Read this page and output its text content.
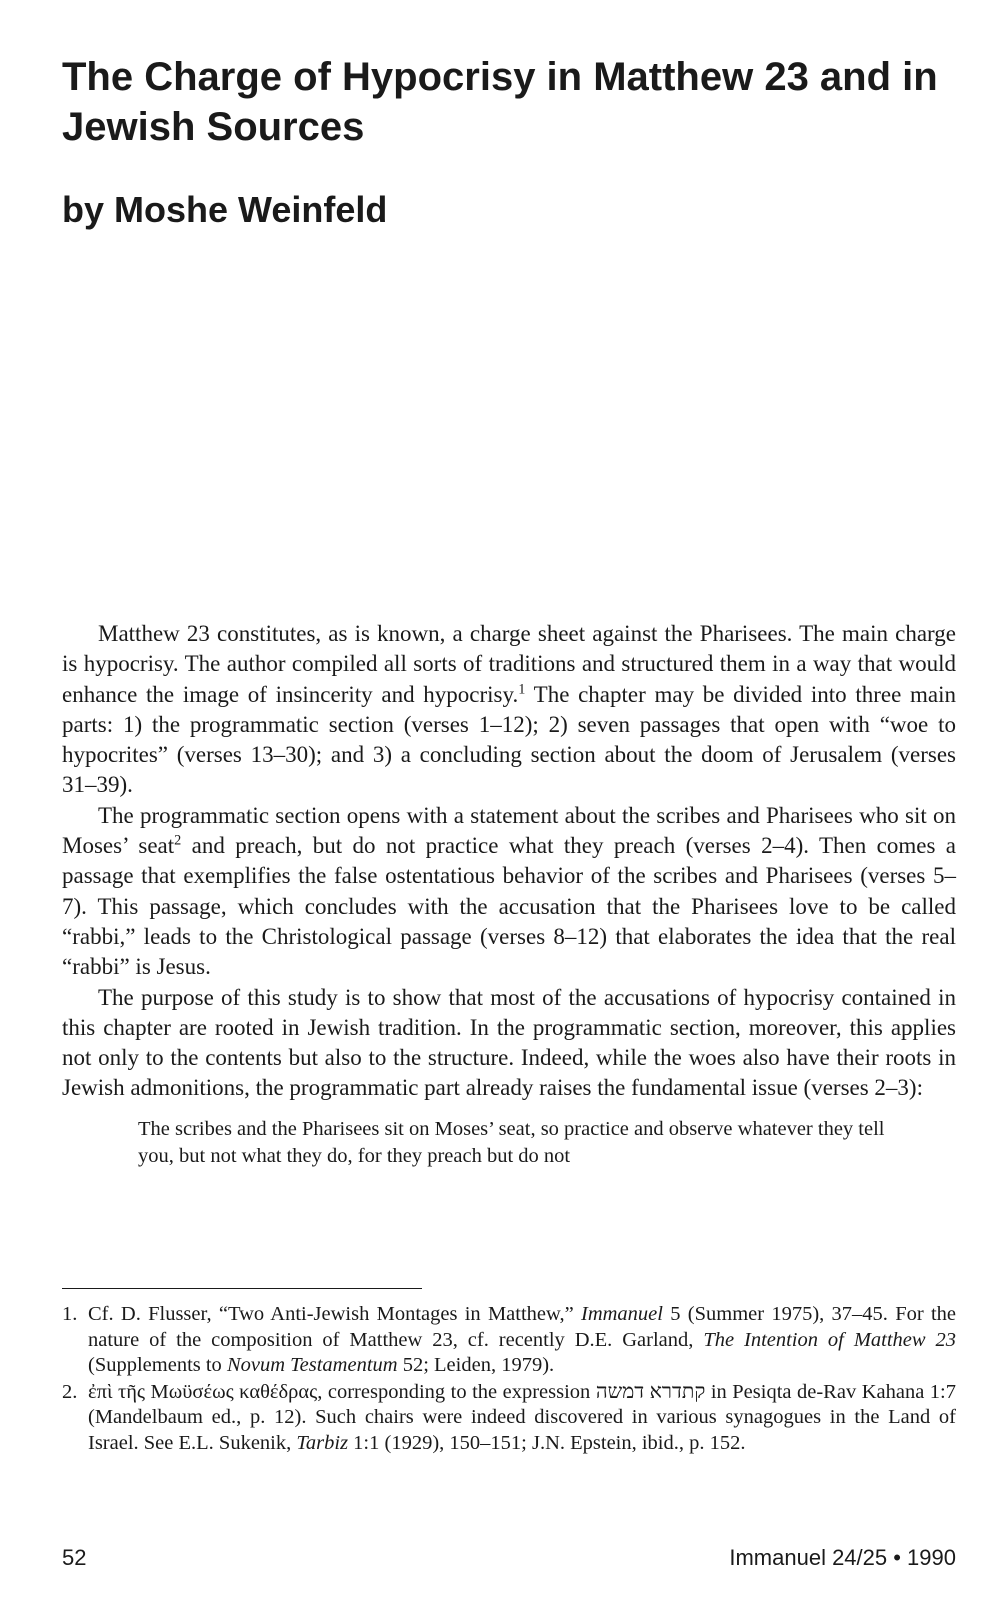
The Charge of Hypocrisy in Matthew 23 and in Jewish Sources
by Moshe Weinfeld

Matthew 23 constitutes, as is known, a charge sheet against the Pharisees. The main charge is hypocrisy. The author compiled all sorts of traditions and structured them in a way that would enhance the image of insincerity and hypocrisy.$^1$ The chapter may be divided into three main parts: 1) the programmatic section (verses 1–12); 2) seven passages that open with “woe to hypocrites” (verses 13–30); and 3) a concluding section about the doom of Jerusalem (verses 31–39).

The programmatic section opens with a statement about the scribes and Pharisees who sit on Moses’ seat$^2$ and preach, but do not practice what they preach (verses 2–4). Then comes a passage that exemplifies the false ostentatious behavior of the scribes and Pharisees (verses 5–7). This passage, which concludes with the accusation that the Pharisees love to be called “rabbi,” leads to the Christological passage (verses 8–12) that elaborates the idea that the real “rabbi” is Jesus.

The purpose of this study is to show that most of the accusations of hypocrisy contained in this chapter are rooted in Jewish tradition. In the programmatic section, moreover, this applies not only to the contents but also to the structure. Indeed, while the woes also have their roots in Jewish admonitions, the programmatic part already raises the fundamental issue (verses 2–3):

The scribes and the Pharisees sit on Moses’ seat, so practice and observe whatever they tell you, but not what they do, for they preach but do not
1. Cf. D. Flusser, “Two Anti-Jewish Montages in Matthew,” Immanuel 5 (Summer 1975), 37–45. For the nature of the composition of Matthew 23, cf. recently D.E. Garland, The Intention of Matthew 23 (Supplements to Novum Testamentum 52; Leiden, 1979).
2. ἐπὶ τῆς Μωϋσέως καθέδρας, corresponding to the expression קתדרא דמשה in Pesiqta de-Rav Kahana 1:7 (Mandelbaum ed., p. 12). Such chairs were indeed discovered in various synagogues in the Land of Israel. See E.L. Sukenik, Tarbiz 1:1 (1929), 150–151; J.N. Epstein, ibid., p. 152.
52	Immanuel 24/25 • 1990
